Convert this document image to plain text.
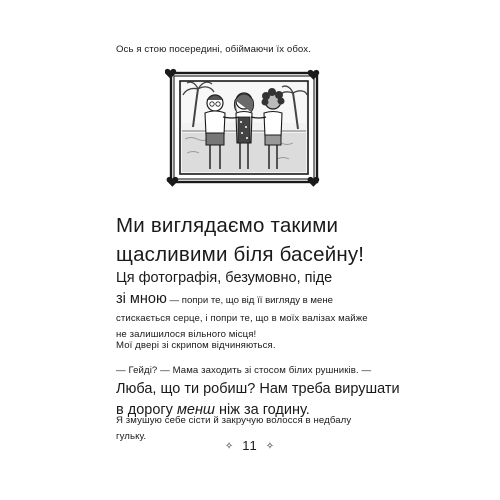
Ось я стою посередині, обіймаючи їх обох.

Ми виглядаємо такими
щасливими біля басейну!
Ця фотографія, безумовно, піде
зі мною — попри те, що від її вигляду в мене
стискається серце, і попри те, що в моїх валізах майже
не залишилося вільного місця!

Мої двері зі скрипом відчиняються.

— Гейді? — Мама заходить зі стосом білих рушників. —
Люба, що ти робиш? Нам треба вирушати
в дорогу менш ніж за годину.
Я змушую себе сісти й закручую волосся в недбалу
гульку.
✧ 11 ✧
